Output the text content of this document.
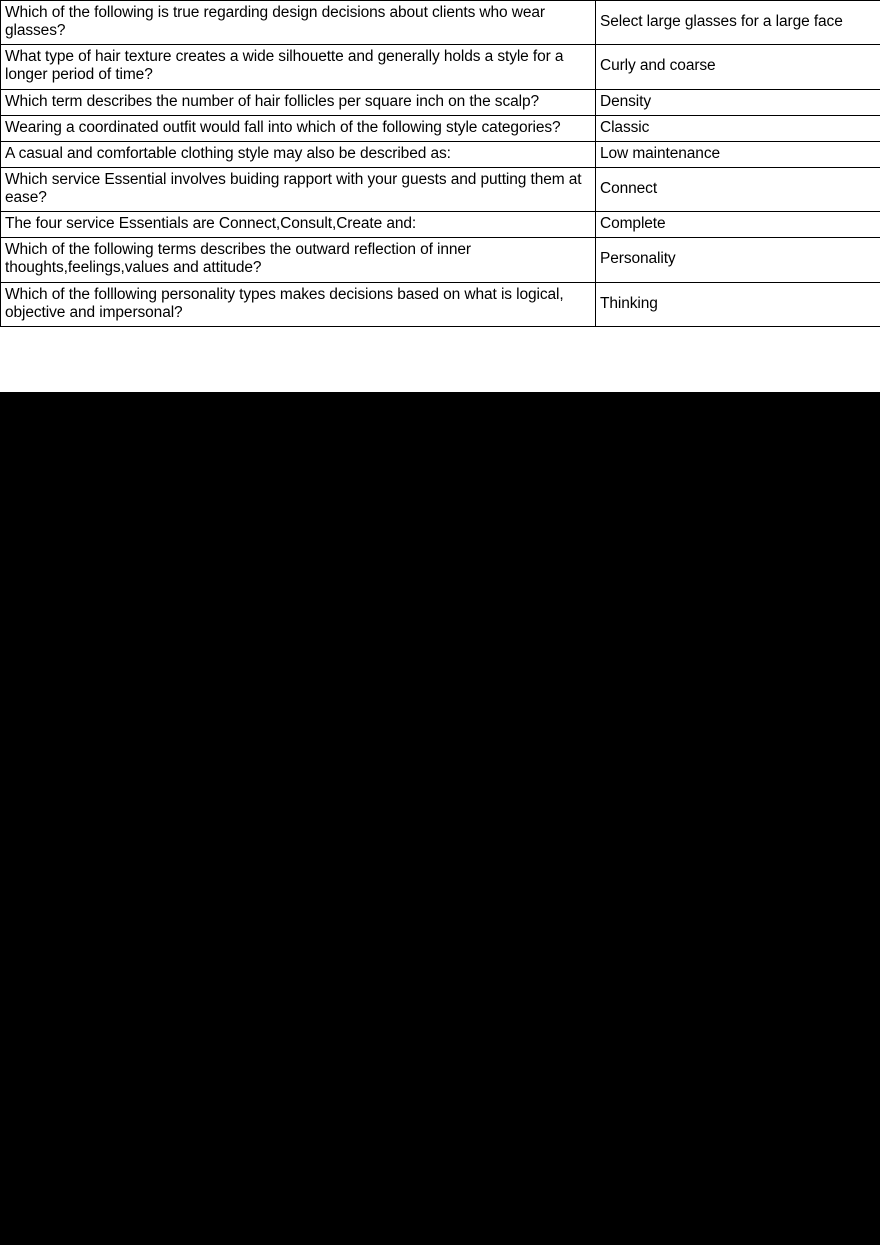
Which of the following is true regarding design decisions about clients who wear glasses?	Select large glasses for a large face
What type of hair texture creates a wide silhouette and generally holds a style for a longer period of time?	Curly and coarse
Which term describes the number of hair follicles per square inch on the scalp?	Density
Wearing a coordinated outfit would fall into which of the following style categories?	Classic
A casual and comfortable clothing style may also be described as:	Low maintenance
Which service Essential involves buiding rapport with your guests and putting them at ease?	Connect
The four service Essentials are Connect,Consult,Create and:	Complete
Which of the following terms describes the outward reflection of inner thoughts,feelings,values and attitude?	Personality
Which of the folllowing personality types makes decisions based on what is logical, objective and impersonal?	Thinking
